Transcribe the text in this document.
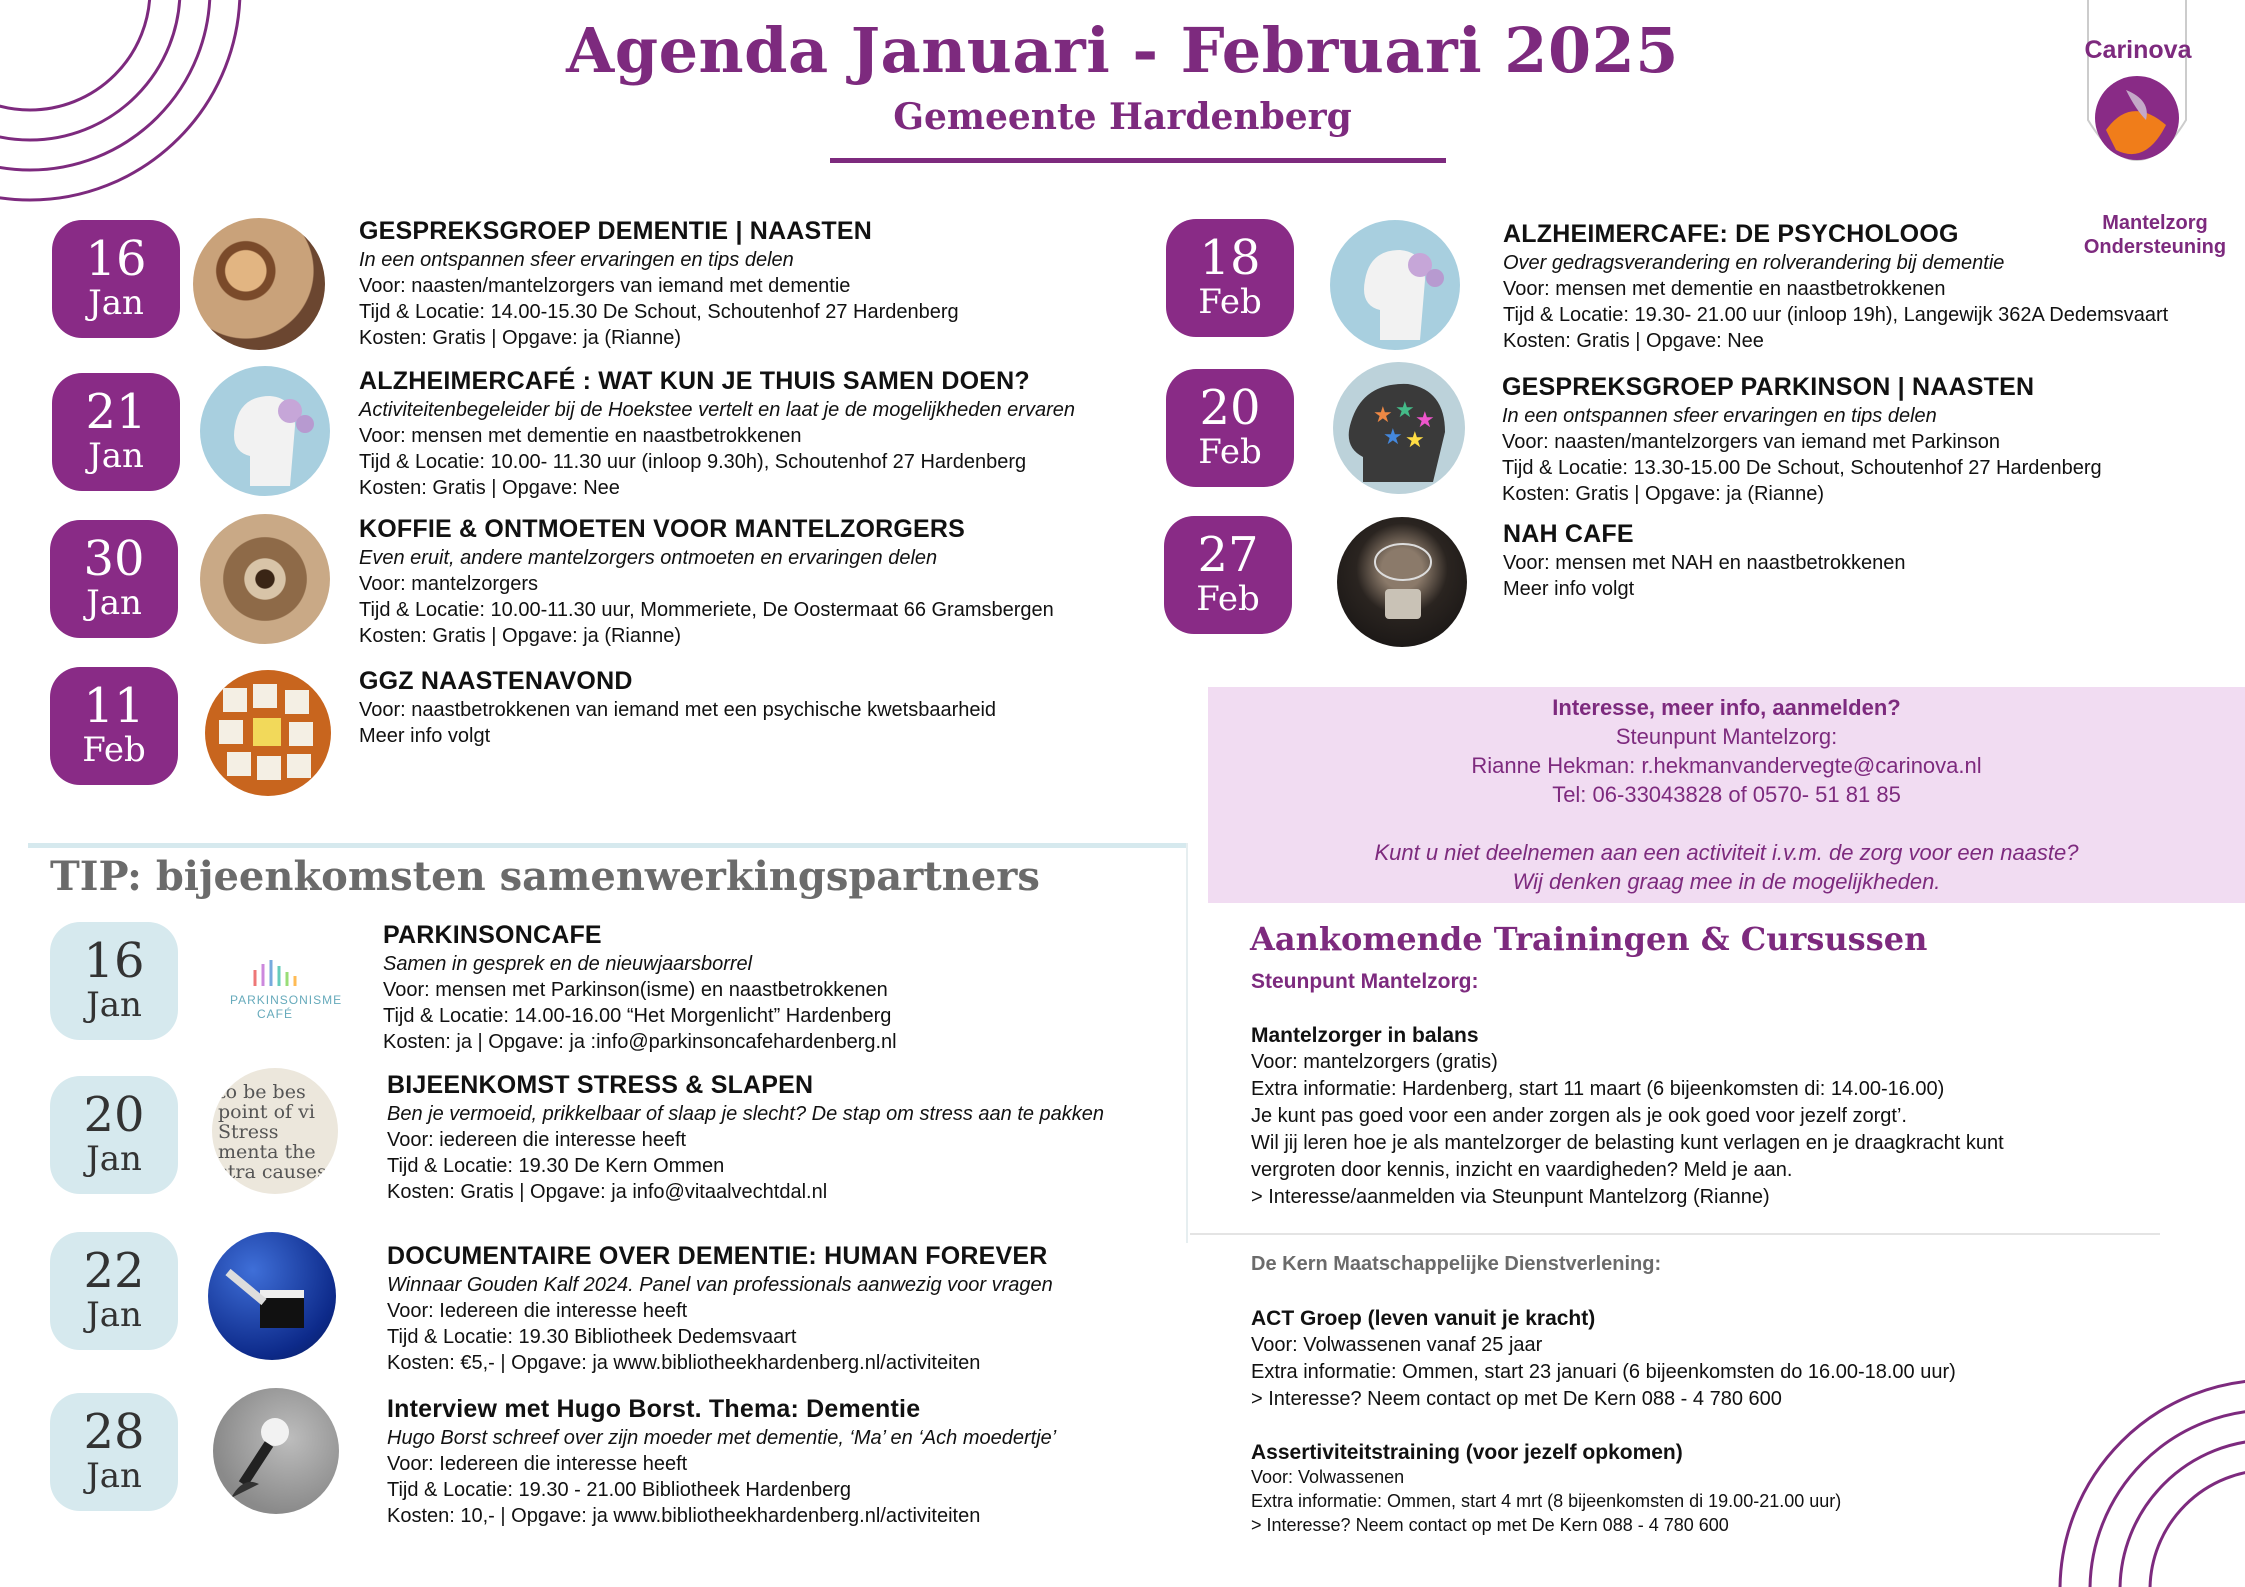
Agenda Januari - Februari 2025
Gemeente Hardenberg
Carinova
Mantelzorg
Ondersteuning
16
Jan
GESPREKSGROEP DEMENTIE | NAASTEN
In een ontspannen sfeer ervaringen en tips delen
Voor: naasten/mantelzorgers van iemand met dementie
Tijd & Locatie: 14.00-15.30 De Schout, Schoutenhof 27 Hardenberg
Kosten: Gratis | Opgave: ja (Rianne)
21
Jan
ALZHEIMERCAFÉ : WAT KUN JE THUIS SAMEN DOEN?
Activiteitenbegeleider bij de Hoekstee vertelt en laat je de mogelijkheden ervaren
Voor: mensen met dementie en naastbetrokkenen
Tijd & Locatie: 10.00- 11.30 uur (inloop 9.30h), Schoutenhof 27 Hardenberg
Kosten: Gratis | Opgave: Nee
30
Jan
KOFFIE & ONTMOETEN VOOR MANTELZORGERS
Even eruit, andere mantelzorgers ontmoeten en ervaringen delen
Voor: mantelzorgers
Tijd & Locatie: 10.00-11.30 uur, Mommeriete, De Oostermaat 66 Gramsbergen
Kosten: Gratis | Opgave: ja (Rianne)
11
Feb
GGZ NAASTENAVOND
Voor: naastbetrokkenen van iemand met een psychische kwetsbaarheid
Meer info volgt
18
Feb
ALZHEIMERCAFE: DE PSYCHOLOOG
Over gedragsverandering en rolverandering bij dementie
Voor: mensen met dementie en naastbetrokkenen
Tijd & Locatie: 19.30- 21.00 uur (inloop 19h), Langewijk 362A Dedemsvaart
Kosten: Gratis | Opgave: Nee
20
Feb
★ ★ ★
★ ★
GESPREKSGROEP PARKINSON | NAASTEN
In een ontspannen sfeer ervaringen en tips delen
Voor: naasten/mantelzorgers van iemand met Parkinson
Tijd & Locatie: 13.30-15.00 De Schout, Schoutenhof 27 Hardenberg
Kosten: Gratis | Opgave: ja (Rianne)
27
Feb
NAH CAFE
Voor: mensen met NAH en naastbetrokkenen
Meer info volgt
Interesse, meer info, aanmelden?
Steunpunt Mantelzorg:
Rianne Hekman: r.hekmanvandervegte@carinova.nl
Tel: 06-33043828 of 0570- 51 81 85
Kunt u niet deelnemen aan een activiteit i.v.m. de zorg voor een naaste?
Wij denken graag mee in de mogelijkheden.
TIP: bijeenkomsten samenwerkingspartners
16
Jan	PARKINSONISME CAFÉ
PARKINSONCAFE
Samen in gesprek en de nieuwjaarsborrel
Voor: mensen met Parkinson(isme) en naastbetrokkenen
Tijd & Locatie: 14.00-16.00 “Het Morgenlicht” Hardenberg
Kosten: ja | Opgave: ja :info@parkinsoncafehardenberg.nl
20
Jan
to be bes point of vi Stress menta the stra causes
BIJEENKOMST STRESS & SLAPEN
Ben je vermoeid, prikkelbaar of slaap je slecht? De stap om stress aan te pakken
Voor: iedereen die interesse heeft
Tijd & Locatie: 19.30 De Kern Ommen
Kosten: Gratis | Opgave: ja info@vitaalvechtdal.nl
22
Jan
DOCUMENTAIRE OVER DEMENTIE: HUMAN FOREVER
Winnaar Gouden Kalf 2024. Panel van professionals aanwezig voor vragen
Voor: Iedereen die interesse heeft
Tijd & Locatie: 19.30 Bibliotheek Dedemsvaart
Kosten: €5,- | Opgave: ja www.bibliotheekhardenberg.nl/activiteiten
28
Jan
Interview met Hugo Borst. Thema: Dementie
Hugo Borst schreef over zijn moeder met dementie, ‘Ma’ en ‘Ach moedertje’
Voor: Iedereen die interesse heeft
Tijd & Locatie: 19.30 - 21.00 Bibliotheek Hardenberg
Kosten: 10,- | Opgave: ja www.bibliotheekhardenberg.nl/activiteiten
Aankomende Trainingen & Cursussen
Steunpunt Mantelzorg:
Mantelzorger in balans
Voor: mantelzorgers (gratis)
Extra informatie: Hardenberg, start 11 maart (6 bijeenkomsten di: 14.00-16.00)
Je kunt pas goed voor een ander zorgen als je ook goed voor jezelf zorgt’.
Wil jij leren hoe je als mantelzorger de belasting kunt verlagen en je draagkracht kunt
vergroten door kennis, inzicht en vaardigheden? Meld je aan.
> Interesse/aanmelden via Steunpunt Mantelzorg (Rianne)
De Kern Maatschappelijke Dienstverlening:
ACT Groep (leven vanuit je kracht)
Voor: Volwassenen vanaf 25 jaar
Extra informatie: Ommen, start 23 januari (6 bijeenkomsten do 16.00-18.00 uur)
> Interesse? Neem contact op met De Kern 088 - 4 780 600
Assertiviteitstraining (voor jezelf opkomen)
Voor: Volwassenen
Extra informatie: Ommen, start 4 mrt (8 bijeenkomsten di 19.00-21.00 uur)
> Interesse? Neem contact op met De Kern 088 - 4 780 600
